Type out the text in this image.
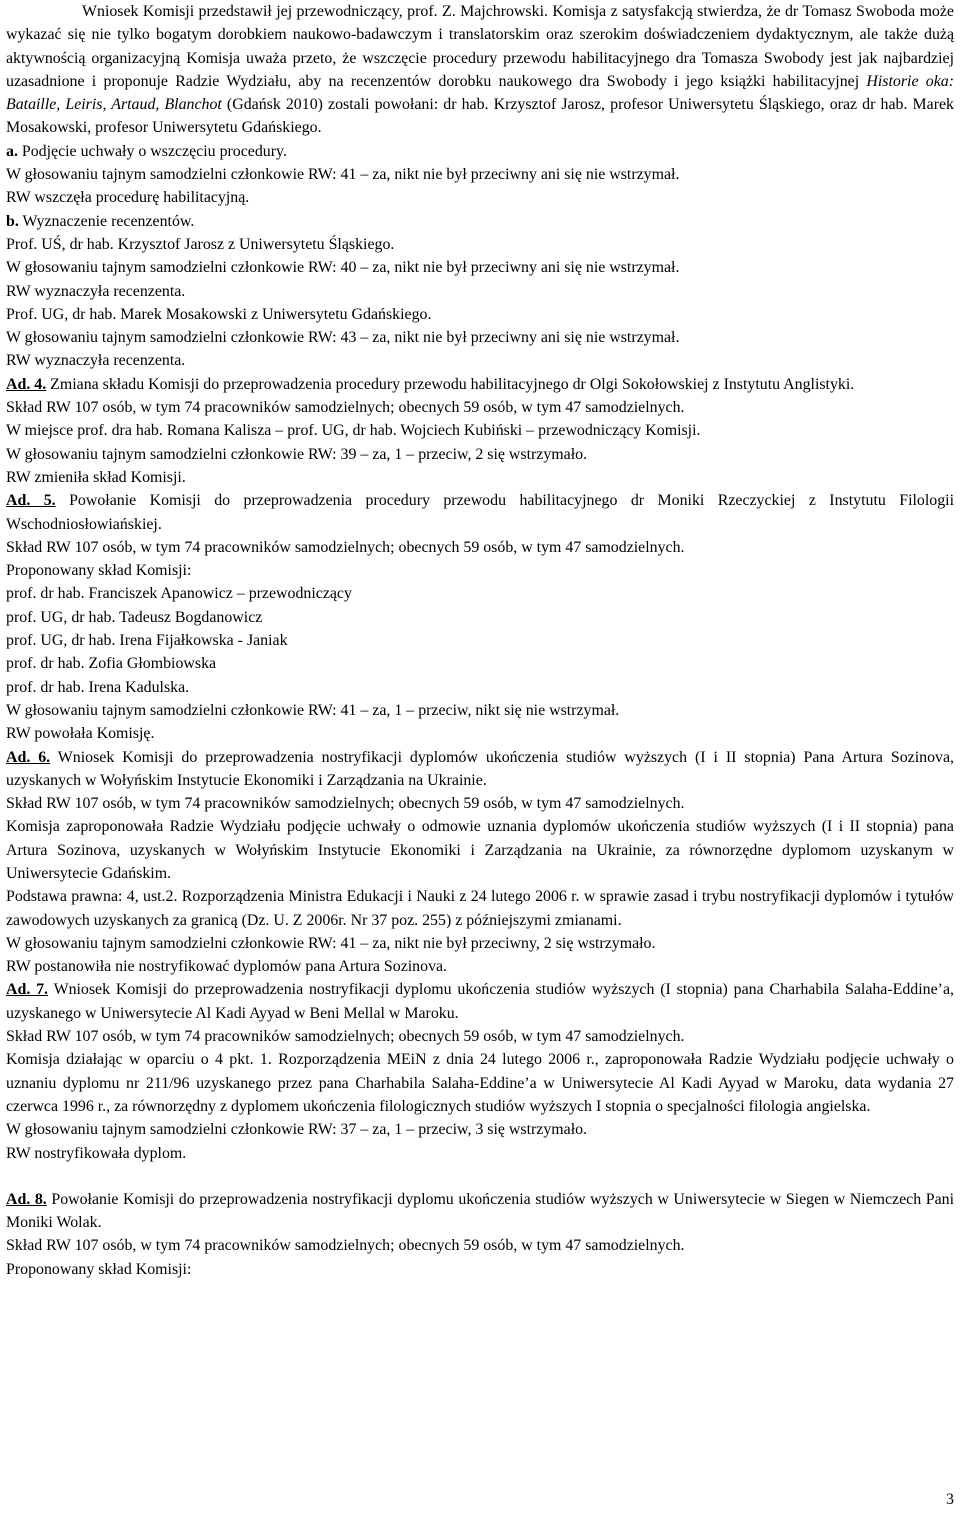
Wniosek Komisji przedstawił jej przewodniczący, prof. Z. Majchrowski. Komisja z satysfakcją stwierdza, że dr Tomasz Swoboda może wykazać się nie tylko bogatym dorobkiem naukowo-badawczym i translatorskim oraz szerokim doświadczeniem dydaktycznym, ale także dużą aktywnością organizacyjną Komisja uważa przeto, że wszczęcie procedury przewodu habilitacyjnego dra Tomasza Swobody jest jak najbardziej uzasadnione i proponuje Radzie Wydziału, aby na recenzentów dorobku naukowego dra Swobody i jego książki habilitacyjnej Historie oka: Bataille, Leiris, Artaud, Blanchot (Gdańsk 2010) zostali powołani: dr hab. Krzysztof Jarosz, profesor Uniwersytetu Śląskiego, oraz dr hab. Marek Mosakowski, profesor Uniwersytetu Gdańskiego.

a. Podjęcie uchwały o wszczęciu procedury.

W głosowaniu tajnym samodzielni członkowie RW: 41 – za, nikt nie był przeciwny ani się nie wstrzymał.

RW wszczęła procedurę habilitacyjną.

b. Wyznaczenie recenzentów.

Prof. UŚ, dr hab. Krzysztof Jarosz z Uniwersytetu Śląskiego.

W głosowaniu tajnym samodzielni członkowie RW: 40 – za, nikt nie był przeciwny ani się nie wstrzymał.

RW wyznaczyła recenzenta.

Prof. UG, dr hab. Marek Mosakowski z Uniwersytetu Gdańskiego.

W głosowaniu tajnym samodzielni członkowie RW: 43 – za, nikt nie był przeciwny ani się nie wstrzymał.

RW wyznaczyła recenzenta.

Ad. 4. Zmiana składu Komisji do przeprowadzenia procedury przewodu habilitacyjnego dr Olgi Sokołowskiej z Instytutu Anglistyki.

Skład RW 107 osób, w tym 74 pracowników samodzielnych; obecnych 59 osób, w tym 47 samodzielnych.

W miejsce prof. dra hab. Romana Kalisza – prof. UG, dr hab. Wojciech Kubiński – przewodniczący Komisji.

W głosowaniu tajnym samodzielni członkowie RW: 39 – za, 1 – przeciw, 2 się wstrzymało.

RW zmieniła skład Komisji.

Ad. 5. Powołanie Komisji do przeprowadzenia procedury przewodu habilitacyjnego dr Moniki Rzeczyckiej z Instytutu Filologii Wschodniosłowiańskiej.

Skład RW 107 osób, w tym 74 pracowników samodzielnych; obecnych 59 osób, w tym 47 samodzielnych.

Proponowany skład Komisji:

prof. dr hab. Franciszek Apanowicz – przewodniczący

prof. UG, dr hab. Tadeusz Bogdanowicz

prof. UG, dr hab. Irena Fijałkowska - Janiak

prof. dr hab. Zofia Głombiowska

prof. dr hab. Irena Kadulska.

W głosowaniu tajnym samodzielni członkowie RW: 41 – za, 1 – przeciw, nikt się nie wstrzymał.

RW powołała Komisję.

Ad. 6. Wniosek Komisji do przeprowadzenia nostryfikacji dyplomów ukończenia studiów wyższych (I i II stopnia) Pana Artura Sozinova, uzyskanych w Wołyńskim Instytucie Ekonomiki i Zarządzania na Ukrainie.

Skład RW 107 osób, w tym 74 pracowników samodzielnych; obecnych 59 osób, w tym 47 samodzielnych.

Komisja zaproponowała Radzie Wydziału podjęcie uchwały o odmowie uznania dyplomów ukończenia studiów wyższych (I i II stopnia) pana Artura Sozinova, uzyskanych w Wołyńskim Instytucie Ekonomiki i Zarządzania na Ukrainie, za równorzędne dyplomom uzyskanym w Uniwersytecie Gdańskim.

Podstawa prawna: 4, ust.2. Rozporządzenia Ministra Edukacji i Nauki z 24 lutego 2006 r. w sprawie zasad i trybu nostryfikacji dyplomów i tytułów zawodowych uzyskanych za granicą (Dz. U. Z 2006r. Nr 37 poz. 255) z późniejszymi zmianami.

W głosowaniu tajnym samodzielni członkowie RW: 41 – za, nikt nie był przeciwny, 2 się wstrzymało.

RW postanowiła nie nostryfikować dyplomów pana Artura Sozinova.

Ad. 7. Wniosek Komisji do przeprowadzenia nostryfikacji dyplomu ukończenia studiów wyższych (I stopnia) pana Charhabila Salaha-Eddine’a, uzyskanego w Uniwersytecie Al Kadi Ayyad w Beni Mellal w Maroku.

Skład RW 107 osób, w tym 74 pracowników samodzielnych; obecnych 59 osób, w tym 47 samodzielnych.

Komisja działając w oparciu o 4 pkt. 1. Rozporządzenia MEiN z dnia 24 lutego 2006 r., zaproponowała Radzie Wydziału podjęcie uchwały o uznaniu dyplomu nr 211/96 uzyskanego przez pana Charhabila Salaha-Eddine’a w Uniwersytecie Al Kadi Ayyad w Maroku, data wydania 27 czerwca 1996 r., za równorzędny z dyplomem ukończenia filologicznych studiów wyższych I stopnia o specjalności filologia angielska.

W głosowaniu tajnym samodzielni członkowie RW: 37 – za, 1 – przeciw, 3 się wstrzymało.

RW nostryfikowała dyplom.

Ad. 8. Powołanie Komisji do przeprowadzenia nostryfikacji dyplomu ukończenia studiów wyższych w Uniwersytecie w Siegen w Niemczech Pani Moniki Wolak.

Skład RW 107 osób, w tym 74 pracowników samodzielnych; obecnych 59 osób, w tym 47 samodzielnych.

Proponowany skład Komisji:

3
